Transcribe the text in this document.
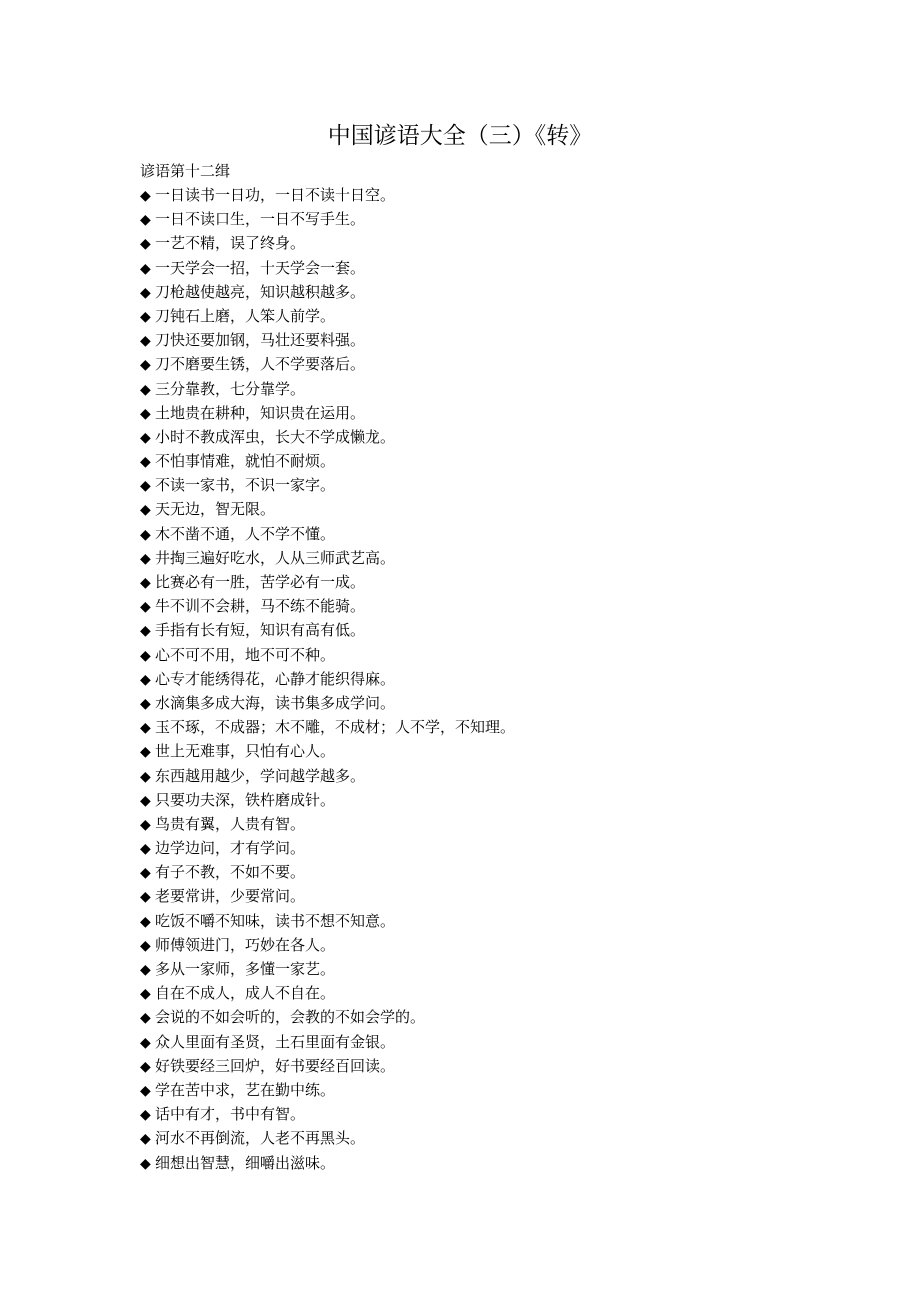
中国谚语大全（三）《转》
谚语第十二缉
◆ 一日读书一日功，一日不读十日空。
◆ 一日不读口生，一日不写手生。
◆ 一艺不精，误了终身。
◆ 一天学会一招，十天学会一套。
◆ 刀枪越使越亮，知识越积越多。
◆ 刀钝石上磨，人笨人前学。
◆ 刀快还要加钢，马壮还要料强。
◆ 刀不磨要生锈，人不学要落后。
◆ 三分靠教，七分靠学。
◆ 土地贵在耕种，知识贵在运用。
◆ 小时不教成浑虫，长大不学成懒龙。
◆ 不怕事情难，就怕不耐烦。
◆ 不读一家书，不识一家字。
◆ 天无边，智无限。
◆ 木不凿不通，人不学不懂。
◆ 井掏三遍好吃水，人从三师武艺高。
◆ 比赛必有一胜，苦学必有一成。
◆ 牛不训不会耕，马不练不能骑。
◆ 手指有长有短，知识有高有低。
◆ 心不可不用，地不可不种。
◆ 心专才能绣得花，心静才能织得麻。
◆ 水滴集多成大海，读书集多成学问。
◆ 玉不琢，不成器；木不雕，不成材；人不学，不知理。
◆ 世上无难事，只怕有心人。
◆ 东西越用越少，学问越学越多。
◆ 只要功夫深，铁杵磨成针。
◆ 鸟贵有翼，人贵有智。
◆ 边学边问，才有学问。
◆ 有子不教，不如不要。
◆ 老要常讲，少要常问。
◆ 吃饭不嚼不知味，读书不想不知意。
◆ 师傅领进门，巧妙在各人。
◆ 多从一家师，多懂一家艺。
◆ 自在不成人，成人不自在。
◆ 会说的不如会听的，会教的不如会学的。
◆ 众人里面有圣贤，土石里面有金银。
◆ 好铁要经三回炉，好书要经百回读。
◆ 学在苦中求，艺在勤中练。
◆ 话中有才，书中有智。
◆ 河水不再倒流，人老不再黑头。
◆ 细想出智慧，细嚼出滋味。
